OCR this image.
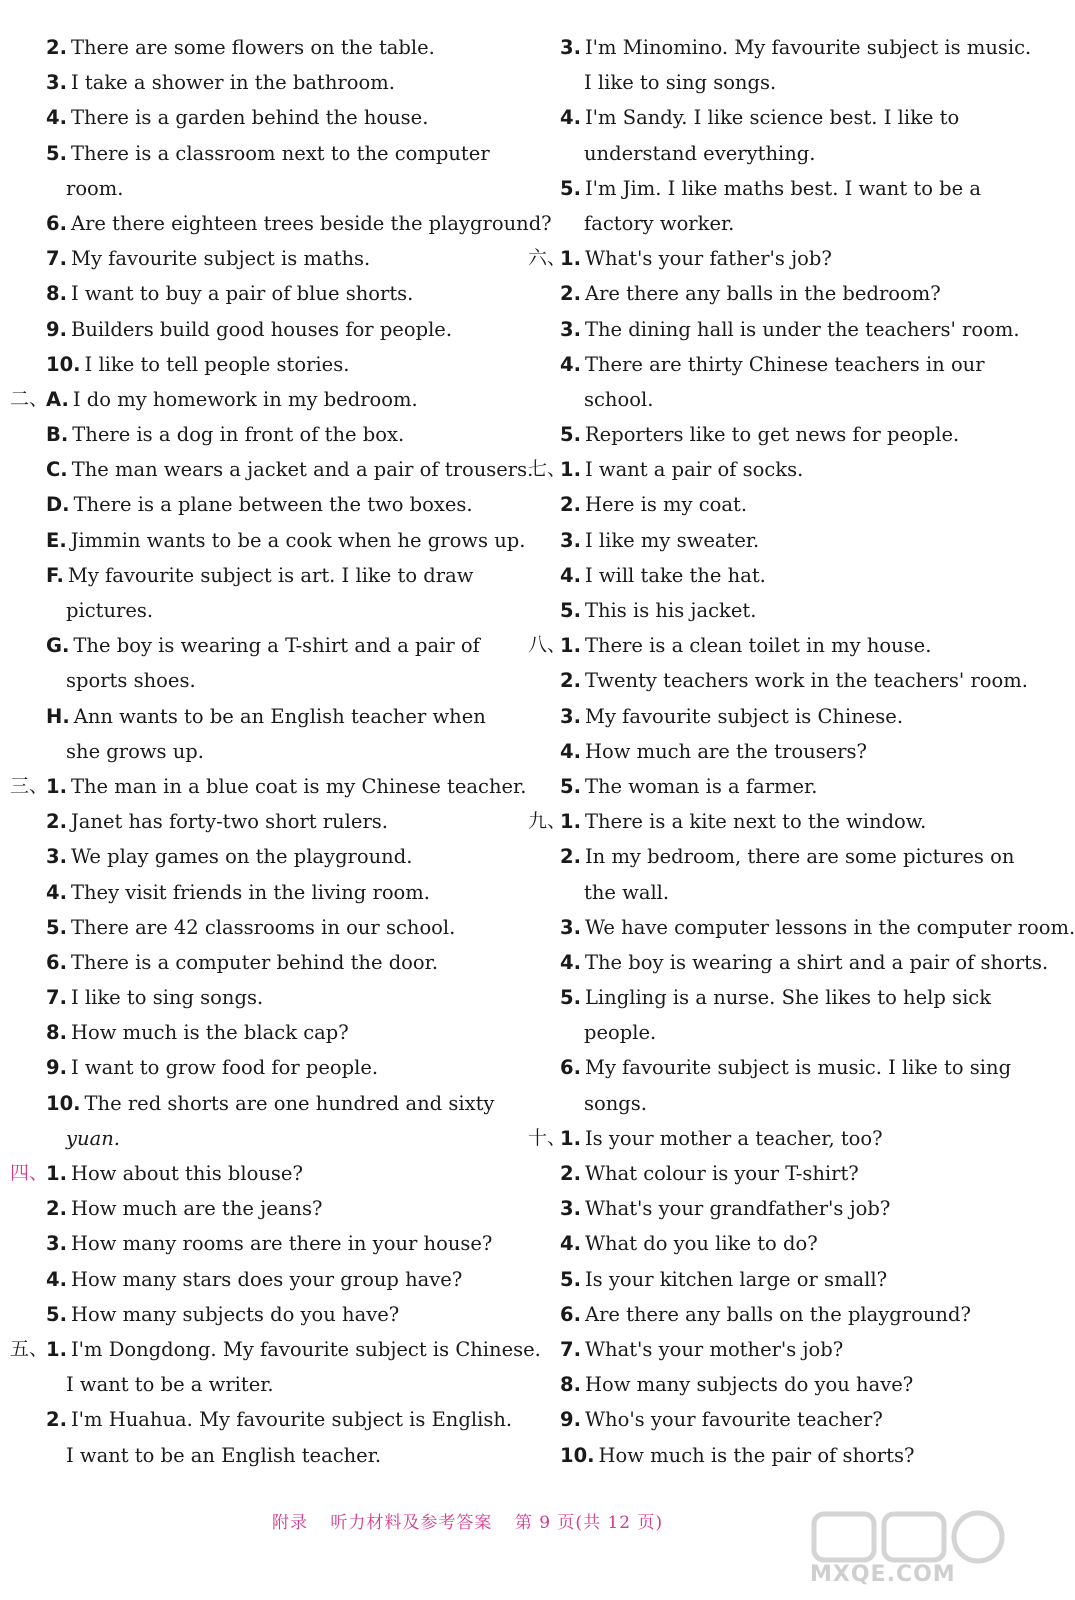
2. There are some flowers on the table.
3. I take a shower in the bathroom.
4. There is a garden behind the house.
5. There is a classroom next to the computer
room.
6. Are there eighteen trees beside the playground?
7. My favourite subject is maths.
8. I want to buy a pair of blue shorts.
9. Builders build good houses for people.
10. I like to tell people stories.
二、
A. I do my homework in my bedroom.
B. There is a dog in front of the box.
C. The man wears a jacket and a pair of trousers.
D. There is a plane between the two boxes.
E. Jimmin wants to be a cook when he grows up.
F. My favourite subject is art. I like to draw
pictures.
G. The boy is wearing a T-shirt and a pair of
sports shoes.
H. Ann wants to be an English teacher when
she grows up.
三、
1. The man in a blue coat is my Chinese teacher.
2. Janet has forty-two short rulers.
3. We play games on the playground.
4. They visit friends in the living room.
5. There are 42 classrooms in our school.
6. There is a computer behind the door.
7. I like to sing songs.
8. How much is the black cap?
9. I want to grow food for people.
10. The red shorts are one hundred and sixty
yuan.
四、
1. How about this blouse?
2. How much are the jeans?
3. How many rooms are there in your house?
4. How many stars does your group have?
5. How many subjects do you have?
五、
1. I'm Dongdong. My favourite subject is Chinese.
I want to be a writer.
2. I'm Huahua. My favourite subject is English.
I want to be an English teacher.
3. I'm Minomino. My favourite subject is music.
I like to sing songs.
4. I'm Sandy. I like science best. I like to
understand everything.
5. I'm Jim. I like maths best. I want to be a
factory worker.
六、
1. What's your father's job?
2. Are there any balls in the bedroom?
3. The dining hall is under the teachers' room.
4. There are thirty Chinese teachers in our
school.
5. Reporters like to get news for people.
七、
1. I want a pair of socks.
2. Here is my coat.
3. I like my sweater.
4. I will take the hat.
5. This is his jacket.
八、
1. There is a clean toilet in my house.
2. Twenty teachers work in the teachers' room.
3. My favourite subject is Chinese.
4. How much are the trousers?
5. The woman is a farmer.
九、
1. There is a kite next to the window.
2. In my bedroom, there are some pictures on
the wall.
3. We have computer lessons in the computer room.
4. The boy is wearing a shirt and a pair of shorts.
5. Lingling is a nurse. She likes to help sick
people.
6. My favourite subject is music. I like to sing
songs.
十、
1. Is your mother a teacher, too?
2. What colour is your T-shirt?
3. What's your grandfather's job?
4. What do you like to do?
5. Is your kitchen large or small?
6. Are there any balls on the playground?
7. What's your mother's job?
8. How many subjects do you have?
9. Who's your favourite teacher?
10. How much is the pair of shorts?
附录 听力材料及参考答案 第 9 页(共 12 页)
MXQE.COM
